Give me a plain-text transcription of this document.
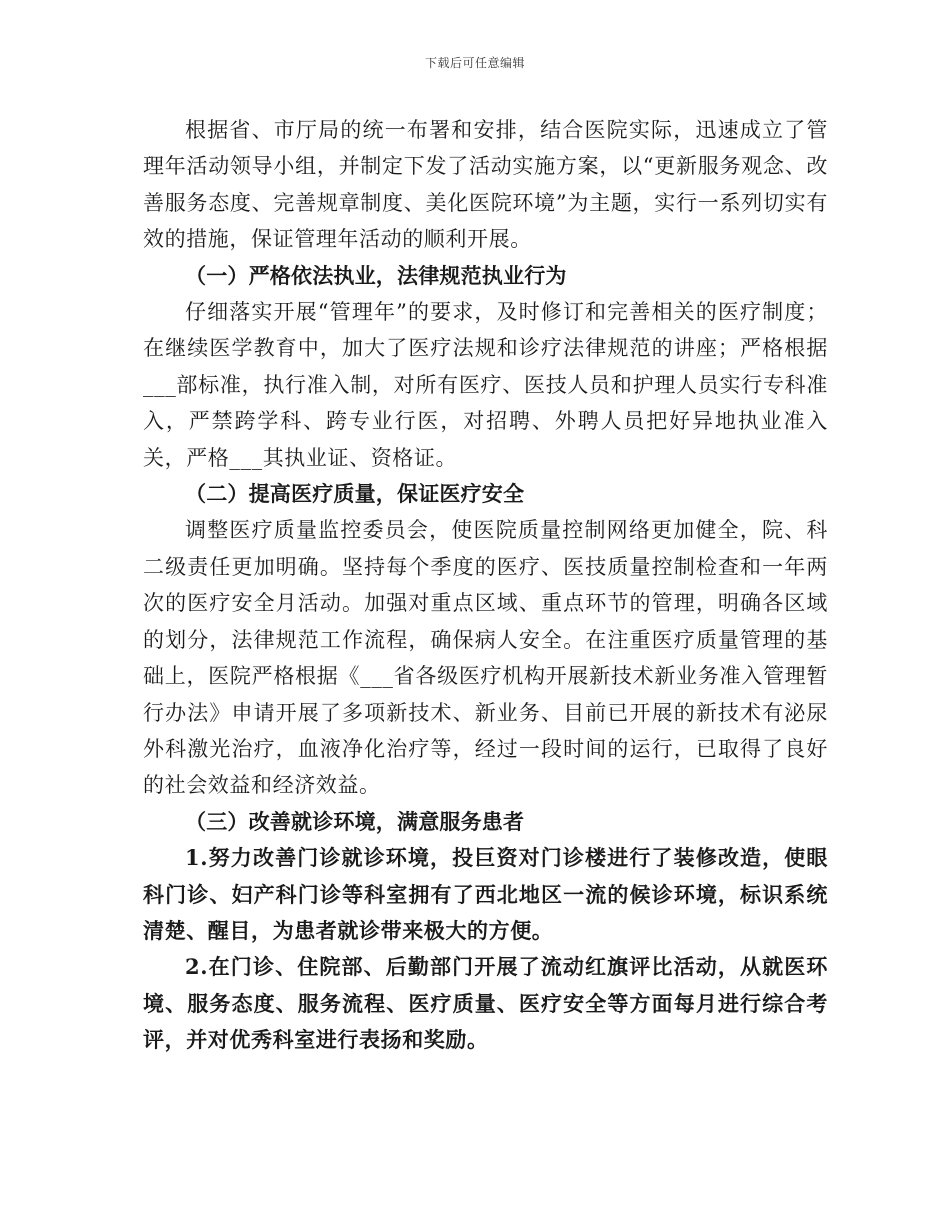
下载后可任意编辑

根据省、市厅局的统一布署和安排，结合医院实际，迅速成立了管理年活动领导小组，并制定下发了活动实施方案，以“更新服务观念、改善服务态度、完善规章制度、美化医院环境”为主题，实行一系列切实有效的措施，保证管理年活动的顺利开展。

（一）严格依法执业，法律规范执业行为

仔细落实开展“管理年”的要求，及时修订和完善相关的医疗制度；在继续医学教育中，加大了医疗法规和诊疗法律规范的讲座；严格根据___部标准，执行准入制，对所有医疗、医技人员和护理人员实行专科准入，严禁跨学科、跨专业行医，对招聘、外聘人员把好异地执业准入关，严格___其执业证、资格证。

（二）提高医疗质量，保证医疗安全

调整医疗质量监控委员会，使医院质量控制网络更加健全，院、科二级责任更加明确。坚持每个季度的医疗、医技质量控制检查和一年两次的医疗安全月活动。加强对重点区域、重点环节的管理，明确各区域的划分，法律规范工作流程，确保病人安全。在注重医疗质量管理的基础上，医院严格根据《___省各级医疗机构开展新技术新业务准入管理暂行办法》申请开展了多项新技术、新业务、目前已开展的新技术有泌尿外科激光治疗，血液净化治疗等，经过一段时间的运行，已取得了良好的社会效益和经济效益。

（三）改善就诊环境，满意服务患者

1.努力改善门诊就诊环境，投巨资对门诊楼进行了装修改造，使眼科门诊、妇产科门诊等科室拥有了西北地区一流的候诊环境，标识系统清楚、醒目，为患者就诊带来极大的方便。

2.在门诊、住院部、后勤部门开展了流动红旗评比活动，从就医环境、服务态度、服务流程、医疗质量、医疗安全等方面每月进行综合考评，并对优秀科室进行表扬和奖励。
